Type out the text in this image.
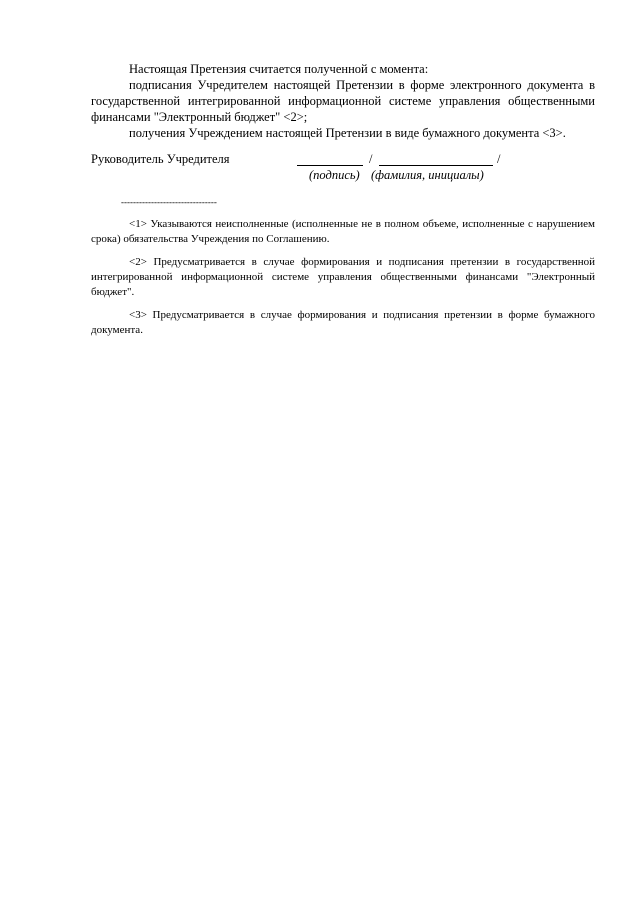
Настоящая Претензия считается полученной с момента:

подписания Учредителем настоящей Претензии в форме электронного документа в государственной интегрированной информационной системе управления общественными финансами "Электронный бюджет" <2>;

получения Учреждением настоящей Претензии в виде бумажного документа <3>.

Руководитель Учредителя	/	/
(подпись) (фамилия, инициалы)
--------------------------------

<1> Указываются неисполненные (исполненные не в полном объеме, исполненные с нарушением срока) обязательства Учреждения по Соглашению.

<2> Предусматривается в случае формирования и подписания претензии в государственной интегрированной информационной системе управления общественными финансами "Электронный бюджет".

<3> Предусматривается в случае формирования и подписания претензии в форме бумажного документа.
